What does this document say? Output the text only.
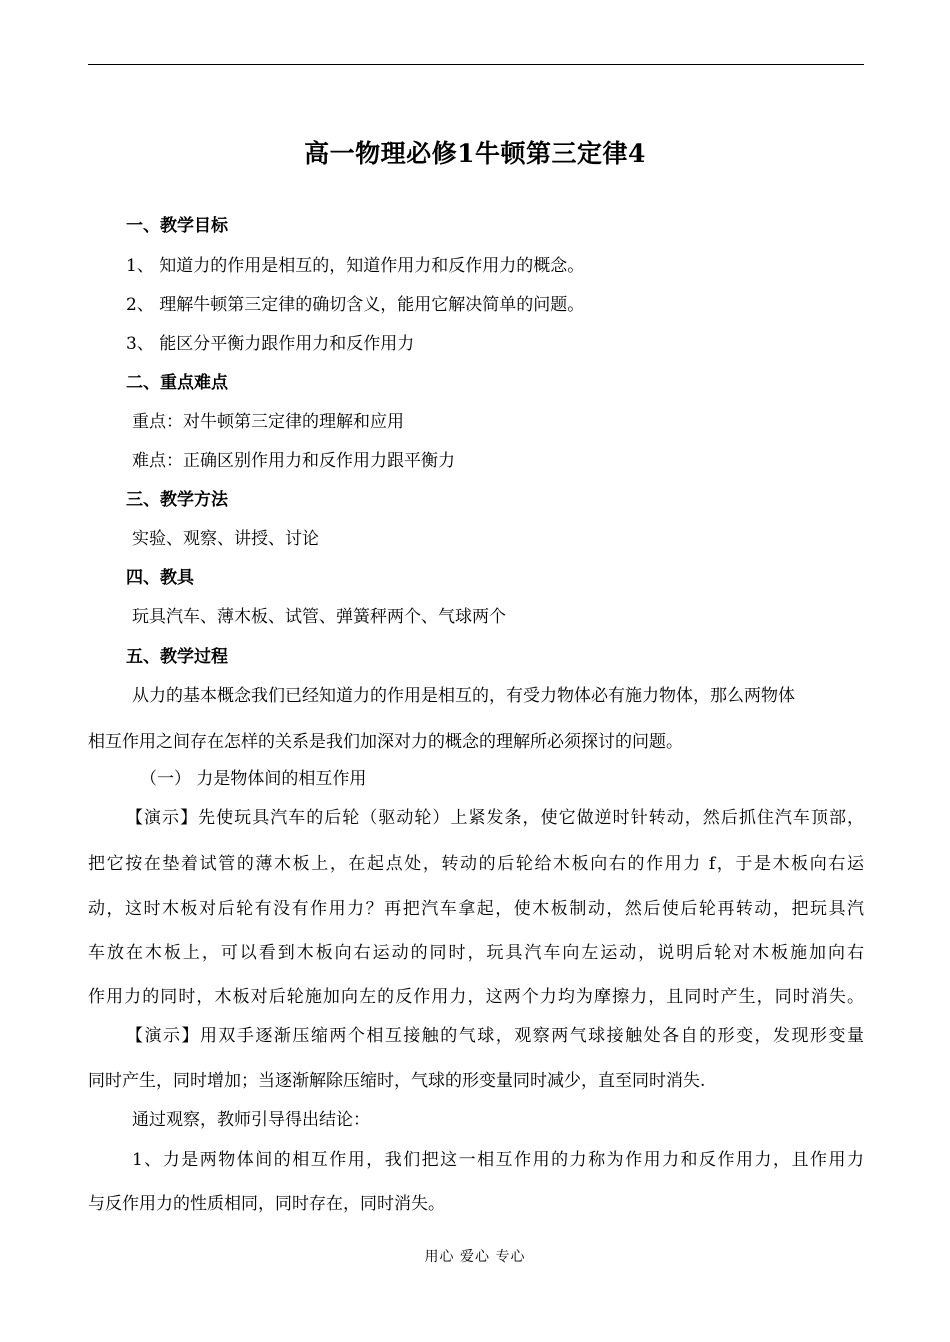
高一物理必修1牛顿第三定律4
一、教学目标
1、 知道力的作用是相互的，知道作用力和反作用力的概念。
2、 理解牛顿第三定律的确切含义，能用它解决简单的问题。
3、 能区分平衡力跟作用力和反作用力
二、重点难点
重点：对牛顿第三定律的理解和应用
难点：正确区别作用力和反作用力跟平衡力
三、教学方法
实验、观察、讲授、讨论
四、教具
玩具汽车、薄木板、试管、弹簧秤两个、气球两个
五、教学过程
从力的基本概念我们已经知道力的作用是相互的，有受力物体必有施力物体，那么两物体
相互作用之间存在怎样的关系是我们加深对力的概念的理解所必须探讨的问题。
（一） 力是物体间的相互作用
【演示】先使玩具汽车的后轮（驱动轮）上紧发条，使它做逆时针转动，然后抓住汽车顶部，
把它按在垫着试管的薄木板上，在起点处，转动的后轮给木板向右的作用力 f，于是木板向右运
动，这时木板对后轮有没有作用力？再把汽车拿起，使木板制动，然后使后轮再转动，把玩具汽
车放在木板上，可以看到木板向右运动的同时，玩具汽车向左运动，说明后轮对木板施加向右
作用力的同时，木板对后轮施加向左的反作用力，这两个力均为摩擦力，且同时产生，同时消失。
【演示】用双手逐渐压缩两个相互接触的气球，观察两气球接触处各自的形变，发现形变量
同时产生，同时增加；当逐渐解除压缩时，气球的形变量同时减少，直至同时消失.
通过观察，教师引导得出结论：
1、力是两物体间的相互作用，我们把这一相互作用的力称为作用力和反作用力，且作用力
与反作用力的性质相同，同时存在，同时消失。
用心 爱心 专心
